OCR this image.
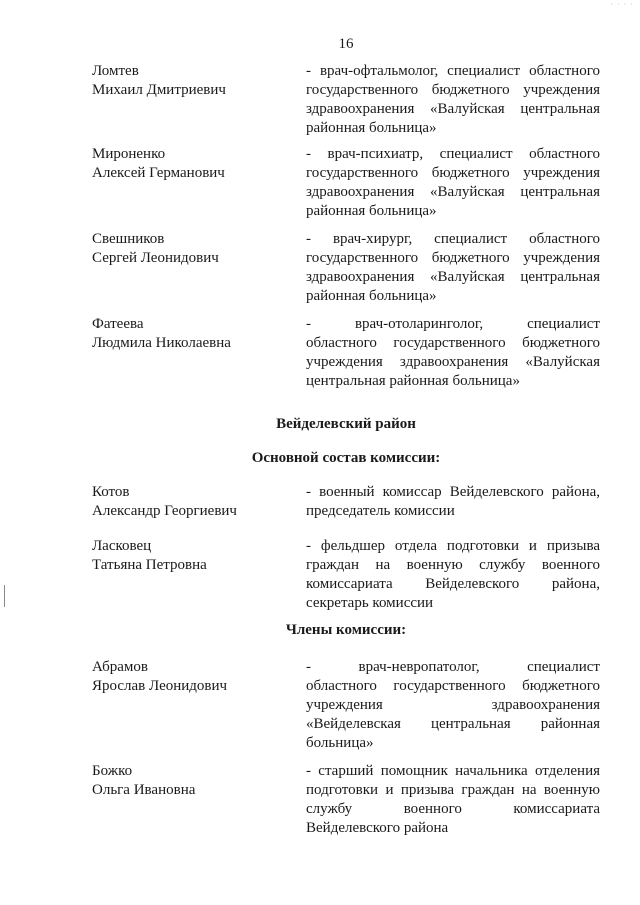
· · · ·
16
Ломтев
Михаил Дмитриевич
- врач-офтальмолог, специалист областного
государственного бюджетного учреждения
здравоохранения «Валуйская центральная
районная больница»
Мироненко
Алексей Германович
- врач-психиатр, специалист областного
государственного бюджетного учреждения
здравоохранения «Валуйская центральная
районная больница»
Свешников
Сергей Леонидович
- врач-хирург, специалист областного
государственного бюджетного учреждения
здравоохранения «Валуйская центральная
районная больница»
Фатеева
Людмила Николаевна
- врач-отоларинголог, специалист
областного государственного бюджетного
учреждения здравоохранения «Валуйская
центральная районная больница»
Вейделевский район
Основной состав комиссии:
Котов
Александр Георгиевич
- военный комиссар Вейделевского района,
председатель комиссии
Ласковец
Татьяна Петровна
- фельдшер отдела подготовки и призыва
граждан на военную службу военного
комиссариата Вейделевского района,
секретарь комиссии
Члены комиссии:
Абрамов
Ярослав Леонидович
- врач-невропатолог, специалист
областного государственного бюджетного
учреждения здравоохранения
«Вейделевская центральная районная
больница»
Божко
Ольга Ивановна
- старший помощник начальника отделения
подготовки и призыва граждан на военную
службу военного комиссариата
Вейделевского района
